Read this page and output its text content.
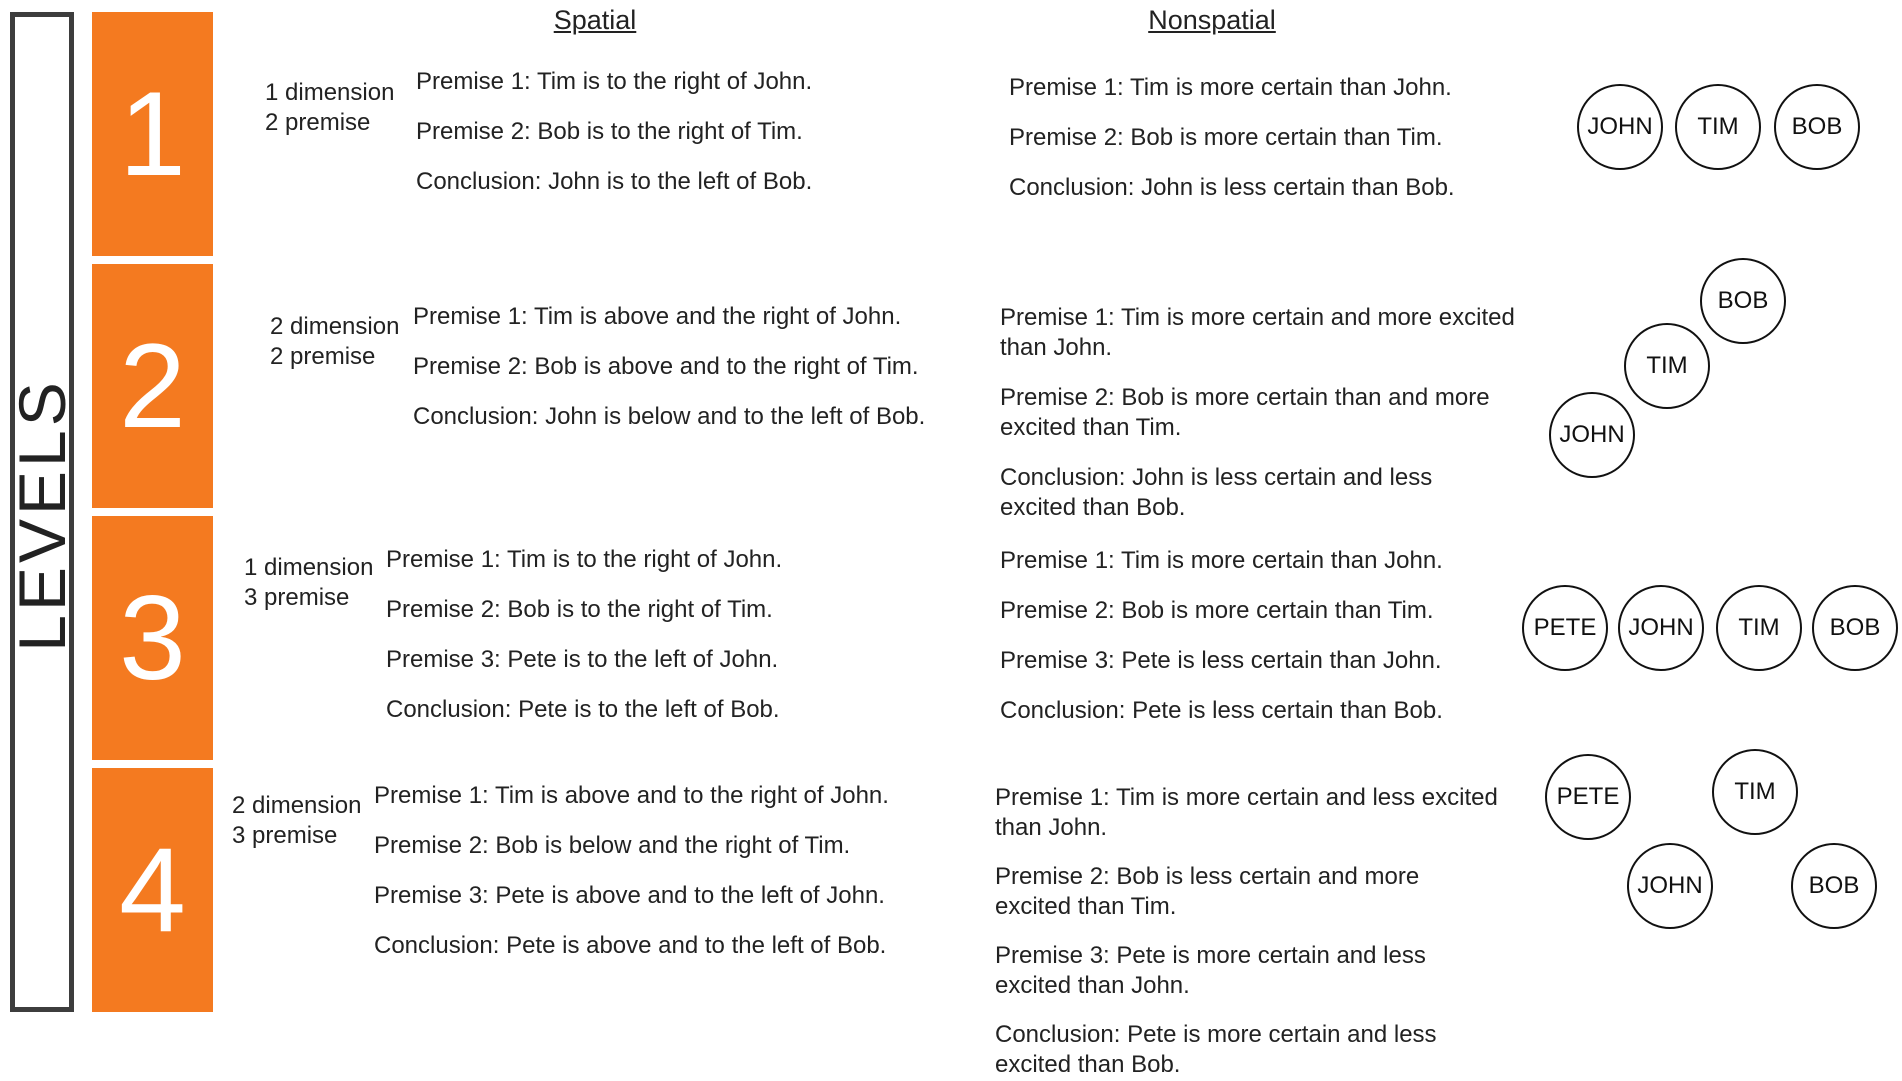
LEVELS
Spatial	Nonspatial
1
2
3
4
1 dimension
2 premise
Premise 1: Tim is to the right of John.
Premise 2: Bob is to the right of Tim.
Conclusion: John is to the left of Bob.
Premise 1: Tim is more certain than John.
Premise 2: Bob is more certain than Tim.
Conclusion: John is less certain than Bob.
JOHN	TIM	BOB
2 dimension
2 premise
Premise 1: Tim is above and the right of John.
Premise 2: Bob is above and to the right of Tim.
Conclusion: John is below and to the left of Bob.
Premise 1: Tim is more certain and more excited than John.
Premise 2: Bob is more certain than and more excited than Tim.
Conclusion: John is less certain and less excited than Bob.
BOB
TIM
JOHN
1 dimension
3 premise
Premise 1: Tim is to the right of John.
Premise 2: Bob is to the right of Tim.
Premise 3: Pete is to the left of John.
Conclusion: Pete is to the left of Bob.
Premise 1: Tim is more certain than John.
Premise 2: Bob is more certain than Tim.
Premise 3: Pete is less certain than John.
Conclusion: Pete is less certain than Bob.
PETE	JOHN	TIM	BOB
2 dimension
3 premise
Premise 1: Tim is above and to the right of John.
Premise 2: Bob is below and the right of Tim.
Premise 3: Pete is above and to the left of John.
Conclusion: Pete is above and to the left of Bob.
Premise 1: Tim is more certain and less excited than John.
Premise 2: Bob is less certain and more excited than Tim.
Premise 3: Pete is more certain and less excited than John.
Conclusion: Pete is more certain and less excited than Bob.
PETE	TIM
JOHN	BOB
